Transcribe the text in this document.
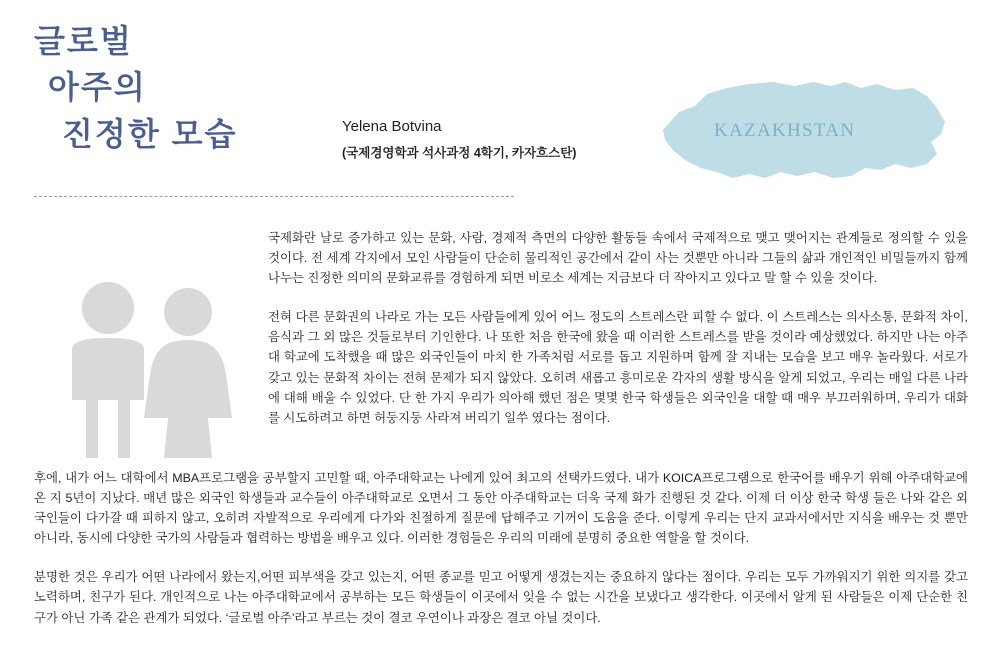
글로벌
아주의
진정한 모습	Yelena Botvina
(국제경영학과 석사과정 4학기, 카자흐스탄)
KAZAKHSTAN

국제화란 날로 증가하고 있는 문화, 사람, 경제적 측면의 다양한 활동들 속에서 국제적으로 맺고 맺어지는 관계들로 정의할 수 있을 것이다. 전 세계 각지에서 모인 사람들이 단순히 물리적인 공간에서 같이 사는 것뿐만 아니라 그들의 삶과 개인적인 비밀들까지 함께 나누는 진정한 의미의 문화교류를 경험하게 되면 비로소 세계는 지금보다 더 작아지고 있다고 말 할 수 있을 것이다.

전혀 다른 문화권의 나라로 가는 모든 사람들에게 있어 어느 정도의 스트레스란 피할 수 없다. 이 스트레스는 의사소통, 문화적 차이, 음식과 그 외 많은 것들로부터 기인한다. 나 또한 처음 한국에 왔을 때 이러한 스트레스를 받을 것이라 예상했었다. 하지만 나는 아주대 학교에 도착했을 때 많은 외국인들이 마치 한 가족처럼 서로를 돕고 지원하며 함께 잘 지내는 모습을 보고 매우 놀라웠다. 서로가 갖고 있는 문화적 차이는 전혀 문제가 되지 않았다. 오히려 새롭고 흥미로운 각자의 생활 방식을 알게 되었고, 우리는 매일 다른 나라에 대해 배울 수 있었다. 단 한 가지 우리가 의아해 했던 점은 몇몇 한국 학생들은 외국인을 대할 때 매우 부끄러워하며, 우리가 대화를 시도하려고 하면 허둥지둥 사라져 버리기 일쑤 였다는 점이다.

후에, 내가 어느 대학에서 MBA프로그램을 공부할지 고민할 때, 아주대학교는 나에게 있어 최고의 선택카드였다. 내가 KOICA프로그램으로 한국어를 배우기 위해 아주대학교에 온 지 5년이 지났다. 매년 많은 외국인 학생들과 교수들이 아주대학교로 오면서 그 동안 아주대학교는 더욱 국제 화가 진행된 것 같다. 이제 더 이상 한국 학생 들은 나와 같은 외국인들이 다가갈 때 피하지 않고, 오히려 자발적으로 우리에게 다가와 친절하게 질문에 답해주고 기꺼이 도움을 준다. 이렇게 우리는 단지 교과서에서만 지식을 배우는 것 뿐만 아니라, 동시에 다양한 국가의 사람들과 협력하는 방법을 배우고 있다. 이러한 경험들은 우리의 미래에 분명히 중요한 역할을 할 것이다.

분명한 것은 우리가 어떤 나라에서 왔는지,어떤 피부색을 갖고 있는지, 어떤 종교를 믿고 어떻게 생겼는지는 중요하지 않다는 점이다. 우리는 모두 가까워지기 위한 의지를 갖고 노력하며, 친구가 된다. 개인적으로 나는 아주대학교에서 공부하는 모든 학생들이 이곳에서 잊을 수 없는 시간을 보냈다고 생각한다. 이곳에서 알게 된 사람들은 이제 단순한 친구가 아닌 가족 같은 관계가 되었다. ‘글로벌 아주’라고 부르는 것이 결코 우연이나 과장은 결코 아닐 것이다.
